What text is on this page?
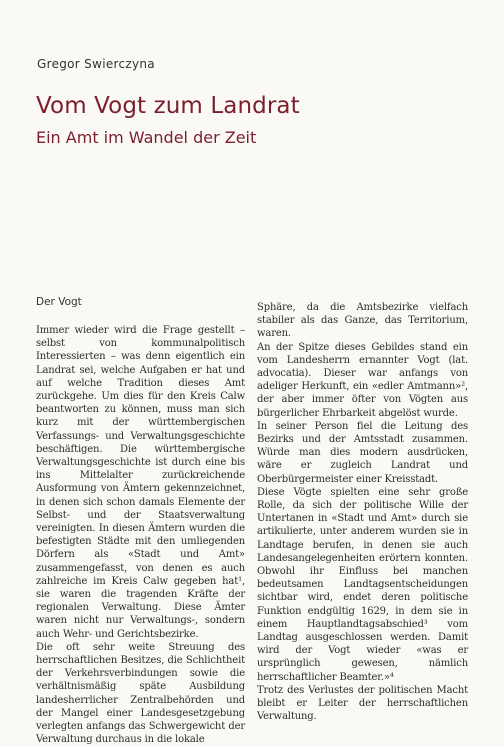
Gregor Swierczyna
Vom Vogt zum Landrat
Ein Amt im Wandel der Zeit
Der Vogt

Immer wieder wird die Frage gestellt – selbst von kommunalpolitisch Interessierten – was denn eigentlich ein Landrat sei, welche Aufgaben er hat und auf welche Tradition dieses Amt zurückgehe. Um dies für den Kreis Calw beantworten zu können, muss man sich kurz mit der württembergischen Verfassungs- und Verwaltungsgeschichte beschäftigen. Die württembergische Verwaltungsgeschichte ist durch eine bis ins Mittelalter zurückreichende Ausformung von Ämtern gekennzeichnet, in denen sich schon damals Elemente der Selbst- und der Staatsverwaltung vereinigten. In diesen Ämtern wurden die befestigten Städte mit den umliegenden Dörfern als «Stadt und Amt» zusammengefasst, von denen es auch zahlreiche im Kreis Calw gegeben hat¹, sie waren die tragenden Kräfte der regionalen Verwaltung. Diese Ämter waren nicht nur Verwaltungs-, sondern auch Wehr- und Gerichtsbezirke.

Die oft sehr weite Streuung des herrschaftlichen Besitzes, die Schlichtheit der Verkehrsverbindungen sowie die verhältnismäßig späte Ausbildung landesherrlicher Zentralbehörden und der Mangel einer Landesgesetzgebung verlegten anfangs das Schwergewicht der Verwaltung durchaus in die lokale

Sphäre, da die Amtsbezirke vielfach stabiler als das Ganze, das Territorium, waren.

An der Spitze dieses Gebildes stand ein vom Landesherrn ernannter Vogt (lat. advocatia). Dieser war anfangs von adeliger Herkunft, ein «edler Amtmann»², der aber immer öfter von Vögten aus bürgerlicher Ehrbarkeit abgelöst wurde.

In seiner Person fiel die Leitung des Bezirks und der Amtsstadt zusammen. Würde man dies modern ausdrücken, wäre er zugleich Landrat und Oberbürgermeister einer Kreisstadt.

Diese Vögte spielten eine sehr große Rolle, da sich der politische Wille der Untertanen in «Stadt und Amt» durch sie artikulierte, unter anderem wurden sie in Landtage berufen, in denen sie auch Landesangelegenheiten erörtern konnten. Obwohl ihr Einfluss bei manchen bedeutsamen Landtagsentscheidungen sichtbar wird, endet deren politische Funktion endgültig 1629, in dem sie in einem Hauptlandtagsabschied³ vom Landtag ausgeschlossen werden. Damit wird der Vogt wieder «was er ursprünglich gewesen, nämlich herrschaftlicher Beamter.»⁴

Trotz des Verlustes der politischen Macht bleibt er Leiter der herrschaftlichen Verwaltung.
